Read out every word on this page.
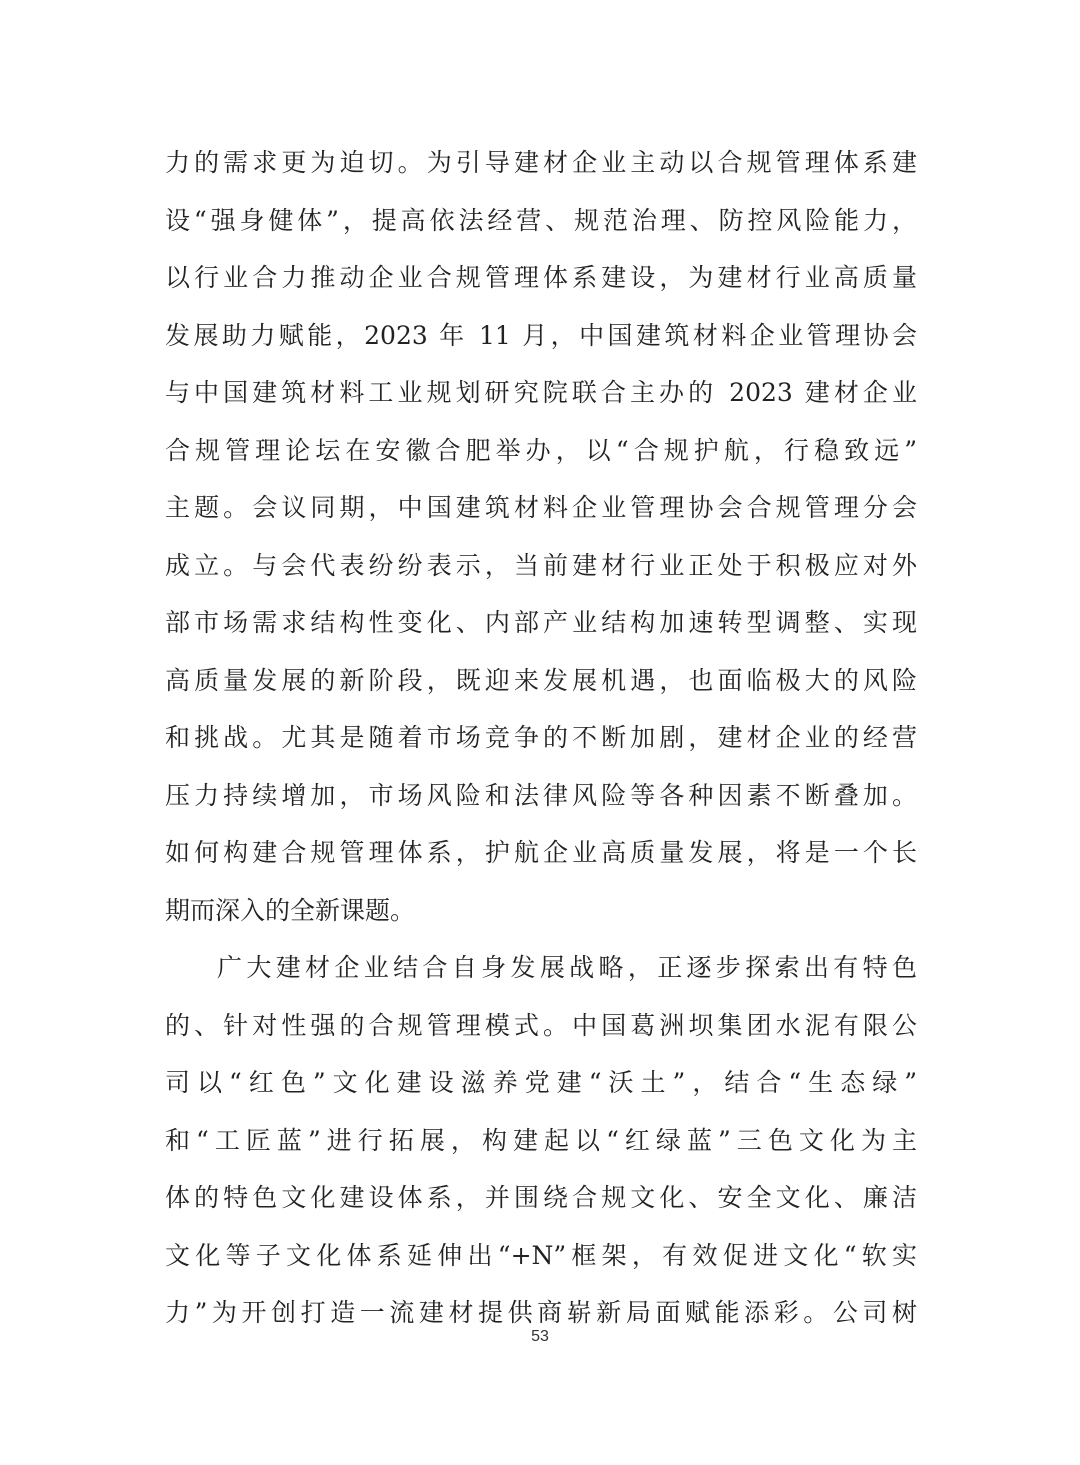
力的需求更为迫切。为引导建材企业主动以合规管理体系建
设“强身健体”，提高依法经营、规范治理、防控风险能力，
以行业合力推动企业合规管理体系建设，为建材行业高质量
发展助力赋能，2023 年 11 月，中国建筑材料企业管理协会
与中国建筑材料工业规划研究院联合主办的 2023 建材企业
合规管理论坛在安徽合肥举办，以“合规护航，行稳致远”
主题。会议同期，中国建筑材料企业管理协会合规管理分会
成立。与会代表纷纷表示，当前建材行业正处于积极应对外
部市场需求结构性变化、内部产业结构加速转型调整、实现
高质量发展的新阶段，既迎来发展机遇，也面临极大的风险
和挑战。尤其是随着市场竞争的不断加剧，建材企业的经营
压力持续增加，市场风险和法律风险等各种因素不断叠加。
如何构建合规管理体系，护航企业高质量发展，将是一个长
期而深入的全新课题。
广大建材企业结合自身发展战略，正逐步探索出有特色
的、针对性强的合规管理模式。中国葛洲坝集团水泥有限公
司以“红色”文化建设滋养党建“沃土”，结合“生态绿”
和“工匠蓝”进行拓展，构建起以“红绿蓝”三色文化为主
体的特色文化建设体系，并围绕合规文化、安全文化、廉洁
文化等子文化体系延伸出“+N”框架，有效促进文化“软实
力”为开创打造一流建材提供商崭新局面赋能添彩。公司树
53
